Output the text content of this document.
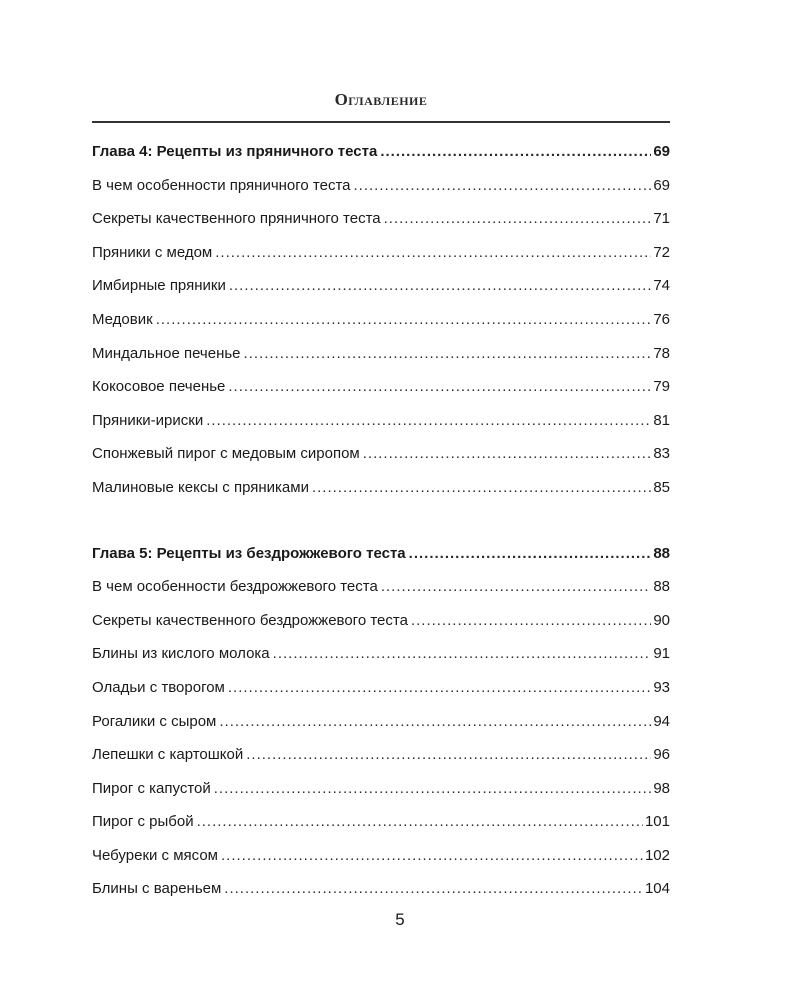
Оглавление
Глава 4: Рецепты из пряничного теста .....	69
В чем особенности пряничного теста .....	69
Секреты качественного пряничного теста .....	71
Пряники с медом .....	72
Имбирные пряники .....	74
Медовик .....	76
Миндальное печенье .....	78
Кокосовое печенье .....	79
Пряники-ириски .....	81
Спонжевый пирог с медовым сиропом .....	83
Малиновые кексы с пряниками .....	85
Глава 5: Рецепты из бездрожжевого теста .....	88
В чем особенности бездрожжевого теста .....	88
Секреты качественного бездрожжевого теста .....	90
Блины из кислого молока .....	91
Оладьи с творогом .....	93
Рогалики с сыром .....	94
Лепешки с картошкой .....	96
Пирог с капустой .....	98
Пирог с рыбой .....	101
Чебуреки с мясом .....	102
Блины с вареньем .....	104
5
